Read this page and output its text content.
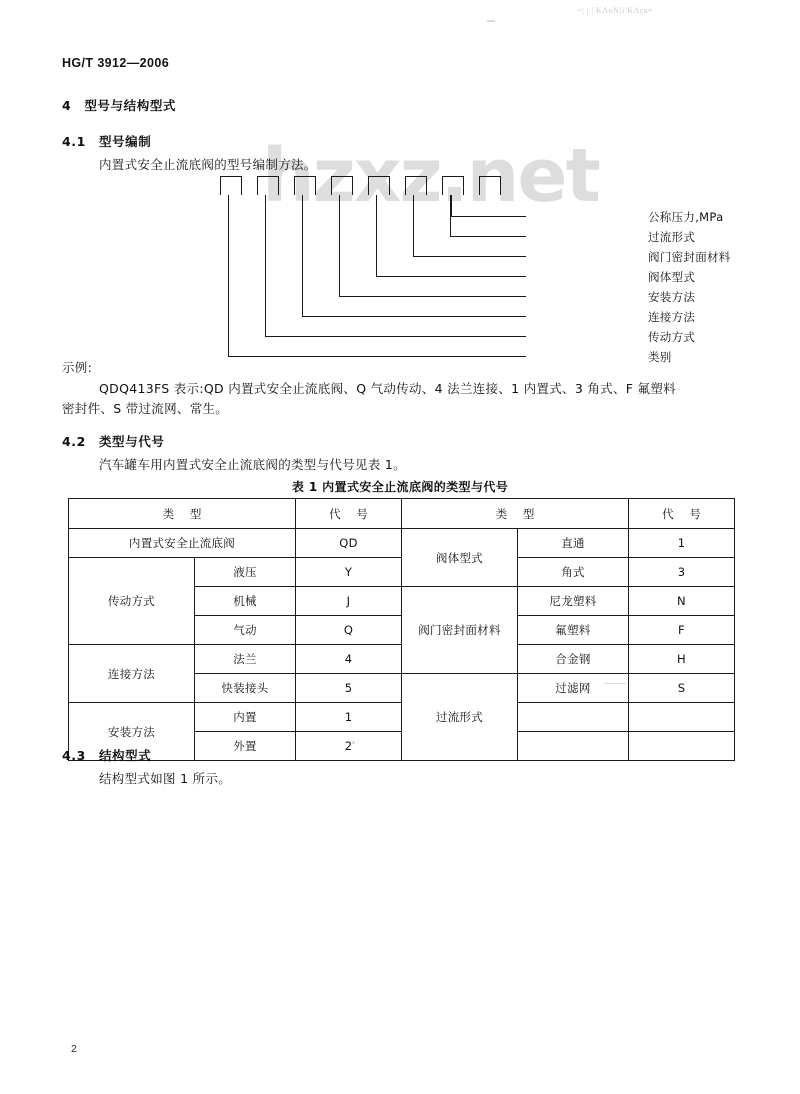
=| | | KAoNii KAça=
hzxz.net
HG/T 3912—2006
4 型号与结构型式
4.1 型号编制
内置式安全止流底阀的型号编制方法。
公称压力,MPa
过流形式
阀门密封面材料
阀体型式
安装方法
连接方法
传动方式
类别
示例:
QDQ413FS 表示:QD 内置式安全止流底阀、Q 气动传动、4 法兰连接、1 内置式、3 角式、F 氟塑料
密封件、S 带过流网、常生。
4.2 类型与代号
汽车罐车用内置式安全止流底阀的类型与代号见表 1。
表 1 内置式安全止流底阀的类型与代号
类 型		代 号	类 型		代 号
内置式安全止流底阀		QD	阀体型式	直通	1
传动方式	液压	Y		角式	3
	机械	J	阀门密封面材料	尼龙塑料	N
	气动	Q		氟塑料	F
连接方法	法兰	4		合金钢	H
	快装接头	5	过流形式	过滤网	S
安装方法	内置	1			
	外置	2			
4.3 结构型式
结构型式如图 1 所示。
2
